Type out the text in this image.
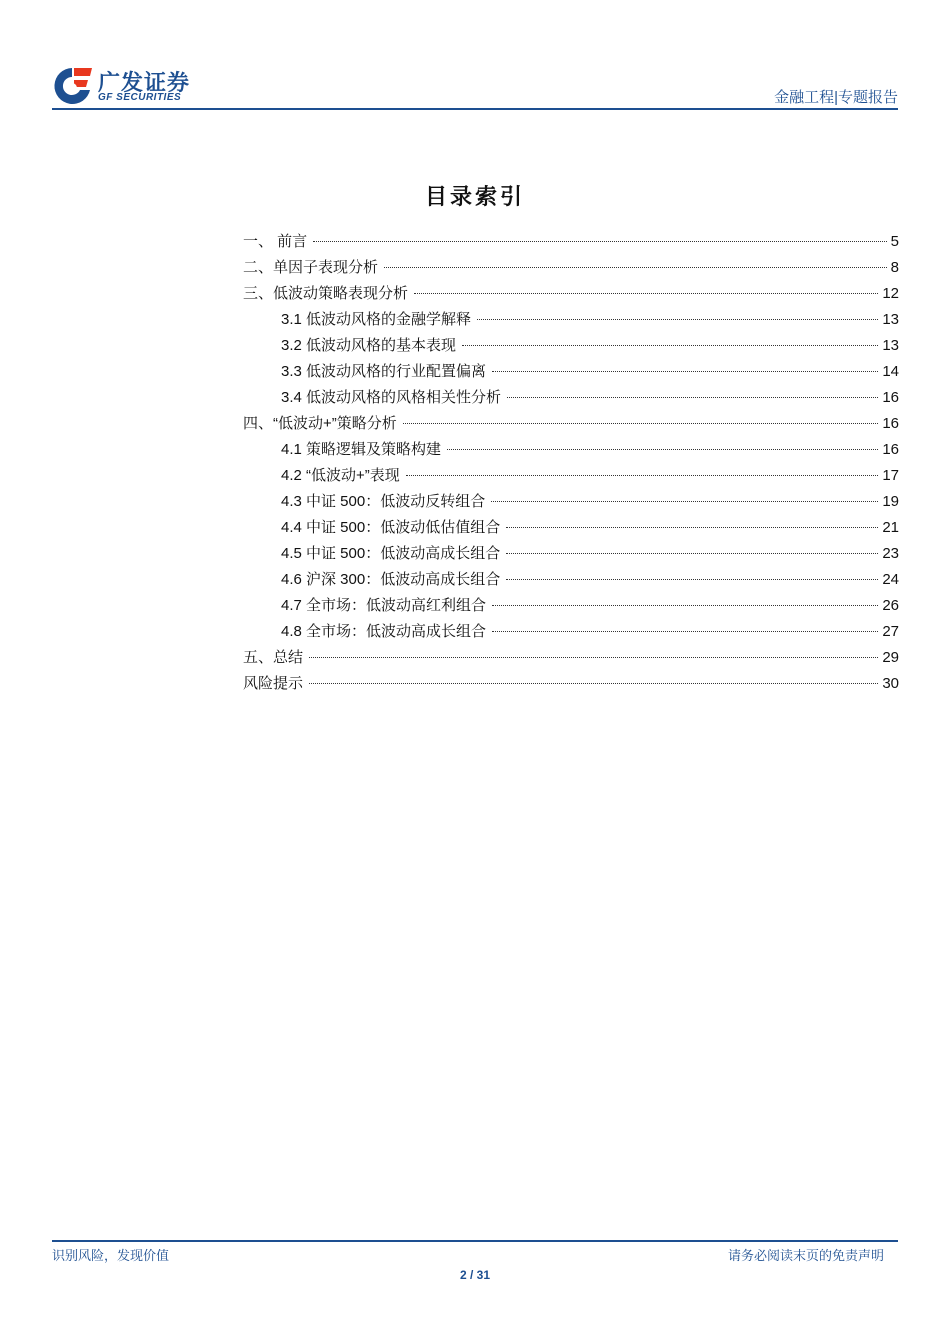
广发证券
GF SECURITIES	金融工程|专题报告
目录索引
一、 前言	5
二、单因子表现分析	8
三、低波动策略表现分析	12
3.1 低波动风格的金融学解释	13
3.2 低波动风格的基本表现	13
3.3 低波动风格的行业配置偏离	14
3.4 低波动风格的风格相关性分析	16
四、“低波动+”策略分析	16
4.1 策略逻辑及策略构建	16
4.2 “低波动+”表现	17
4.3 中证 500：低波动反转组合	19
4.4 中证 500：低波动低估值组合	21
4.5 中证 500：低波动高成长组合	23
4.6 沪深 300：低波动高成长组合	24
4.7 全市场：低波动高红利组合	26
4.8 全市场：低波动高成长组合	27
五、总结	29
风险提示	30
识别风险，发现价值	请务必阅读末页的免责声明
2 / 31
